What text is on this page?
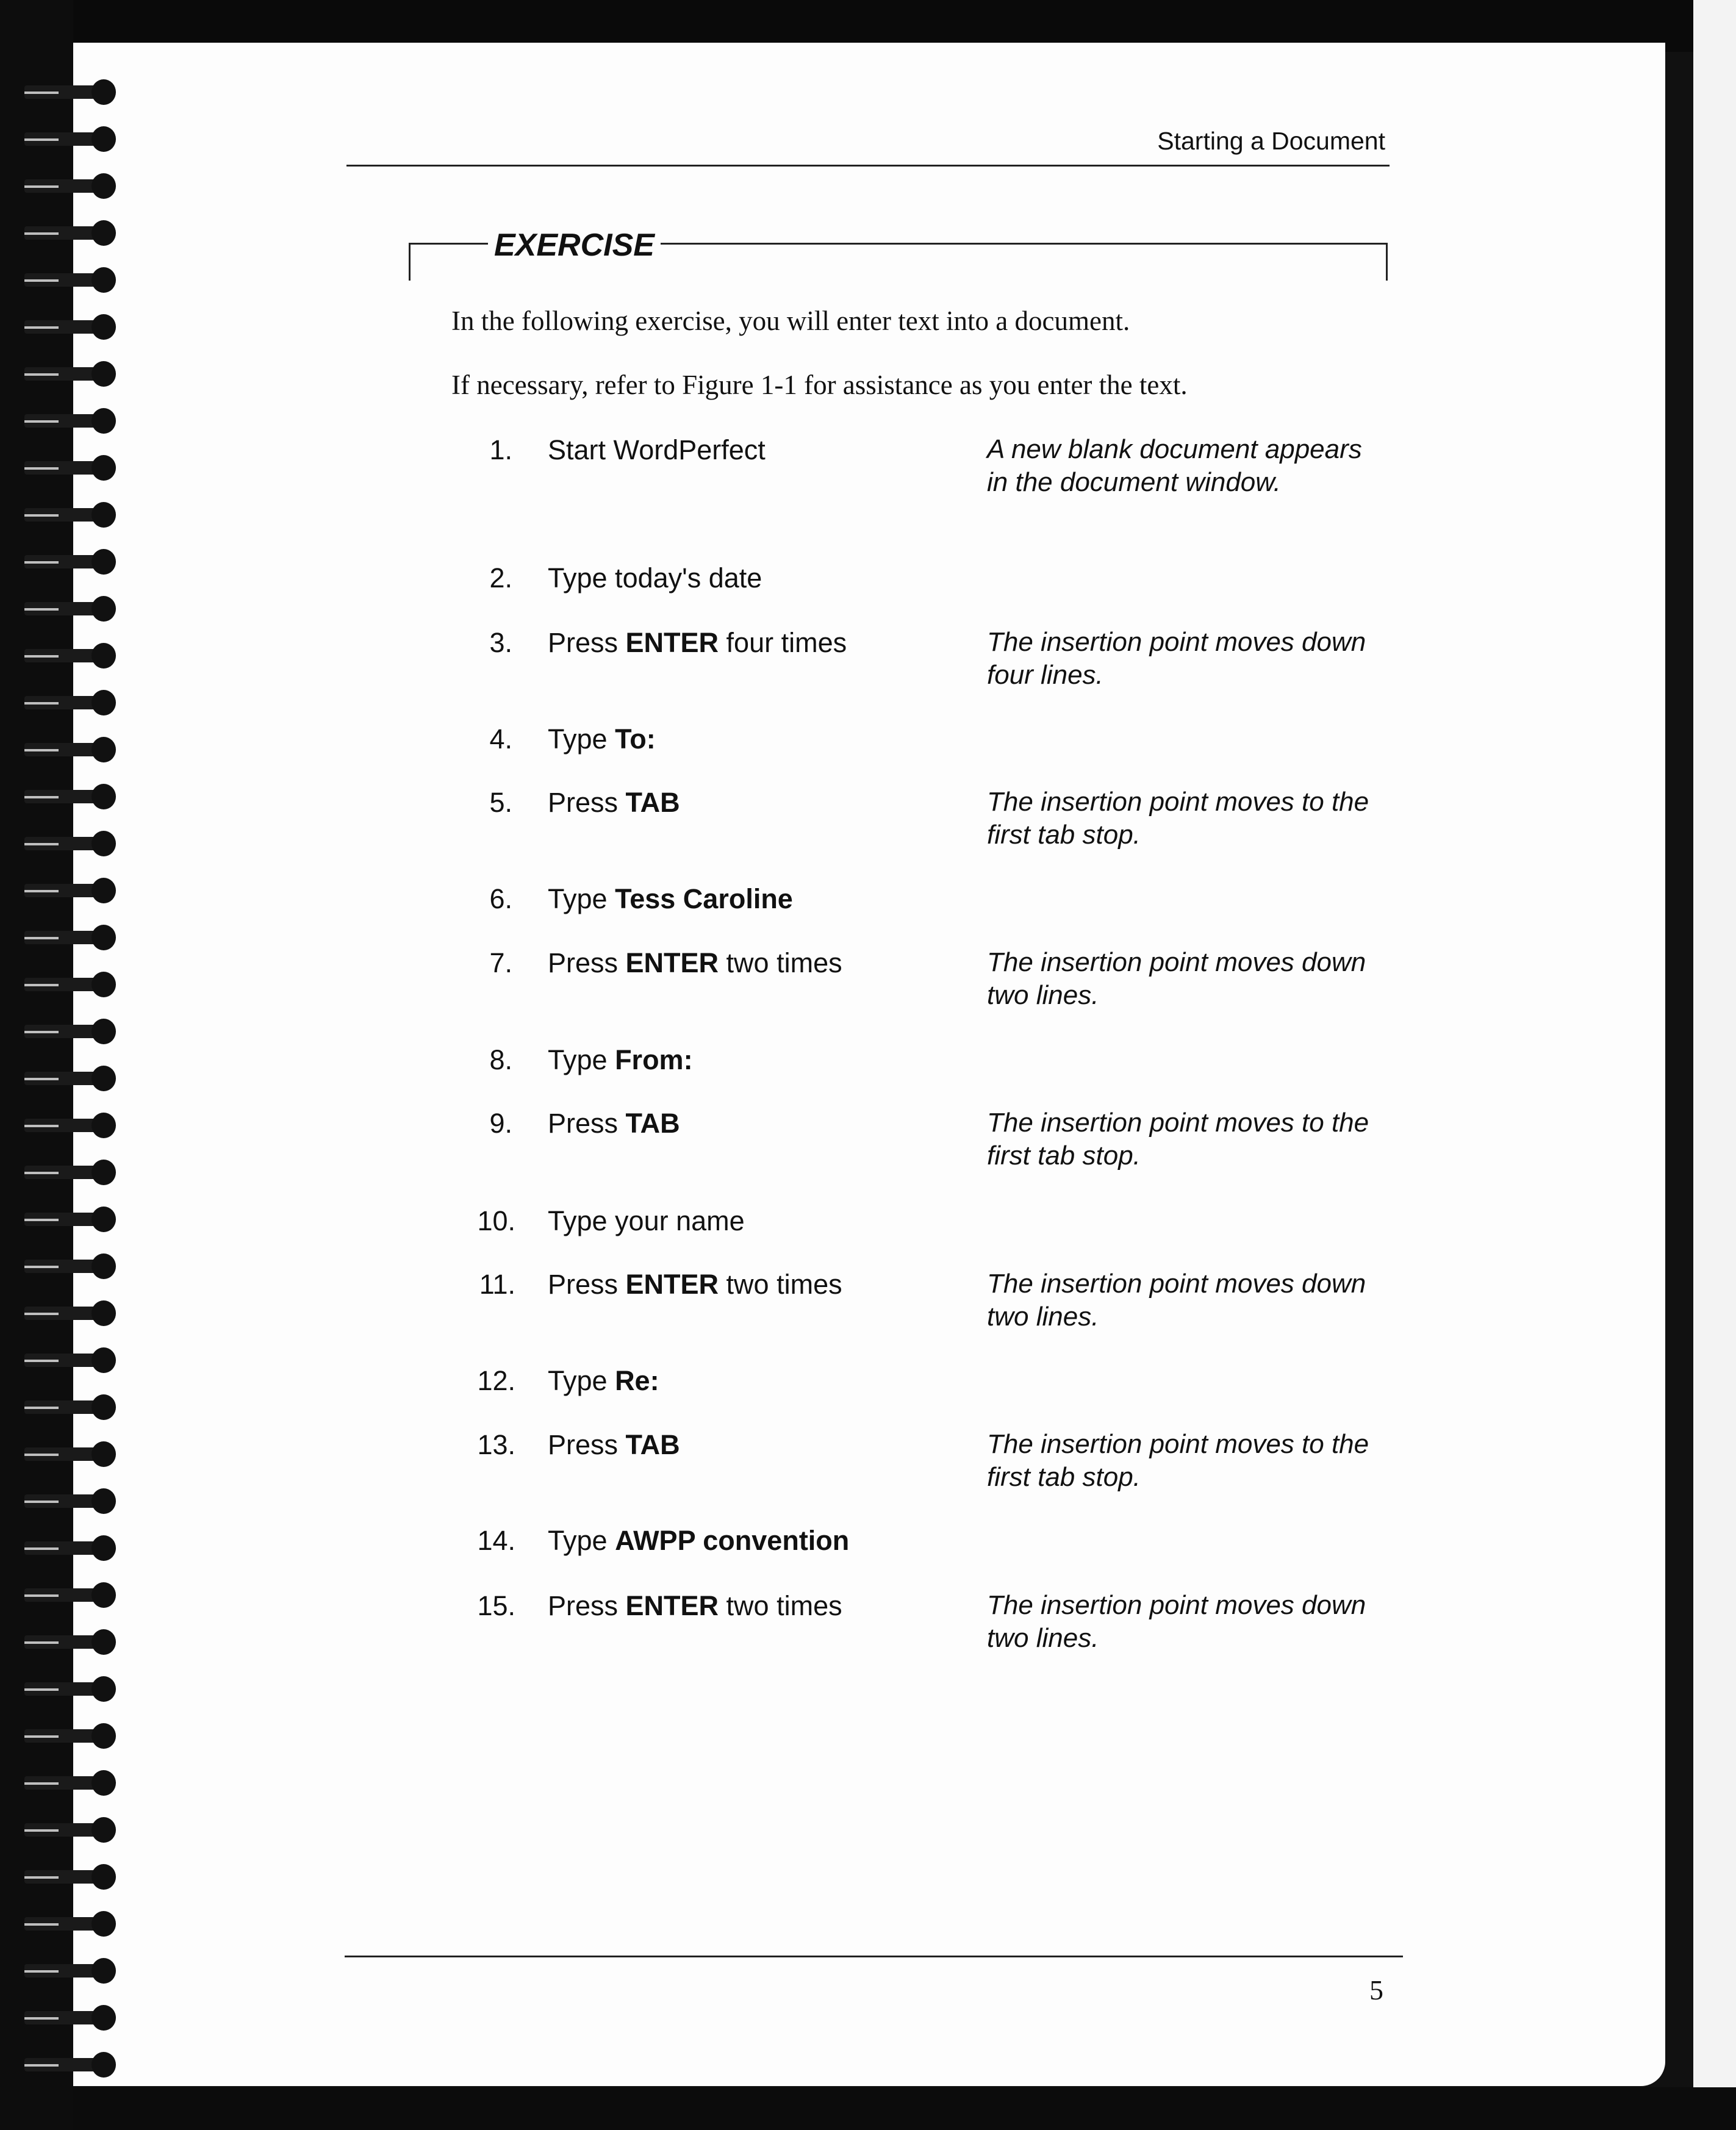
Starting a Document
EXERCISE
In the following exercise, you will enter text into a document.
If necessary, refer to Figure 1-1 for assistance as you enter the text.
1. Start WordPerfect	A new blank document appears in the document window.
2. Type today's date
3. Press ENTER four times	The insertion point moves down four lines.
4. Type To:
5. Press TAB	The insertion point moves to the first tab stop.
6. Type Tess Caroline
7. Press ENTER two times	The insertion point moves down two lines.
8. Type From:
9. Press TAB	The insertion point moves to the first tab stop.
10. Type your name
11. Press ENTER two times	The insertion point moves down two lines.
12. Type Re:
13. Press TAB	The insertion point moves to the first tab stop.
14. Type AWPP convention
15. Press ENTER two times	The insertion point moves down two lines.
5
